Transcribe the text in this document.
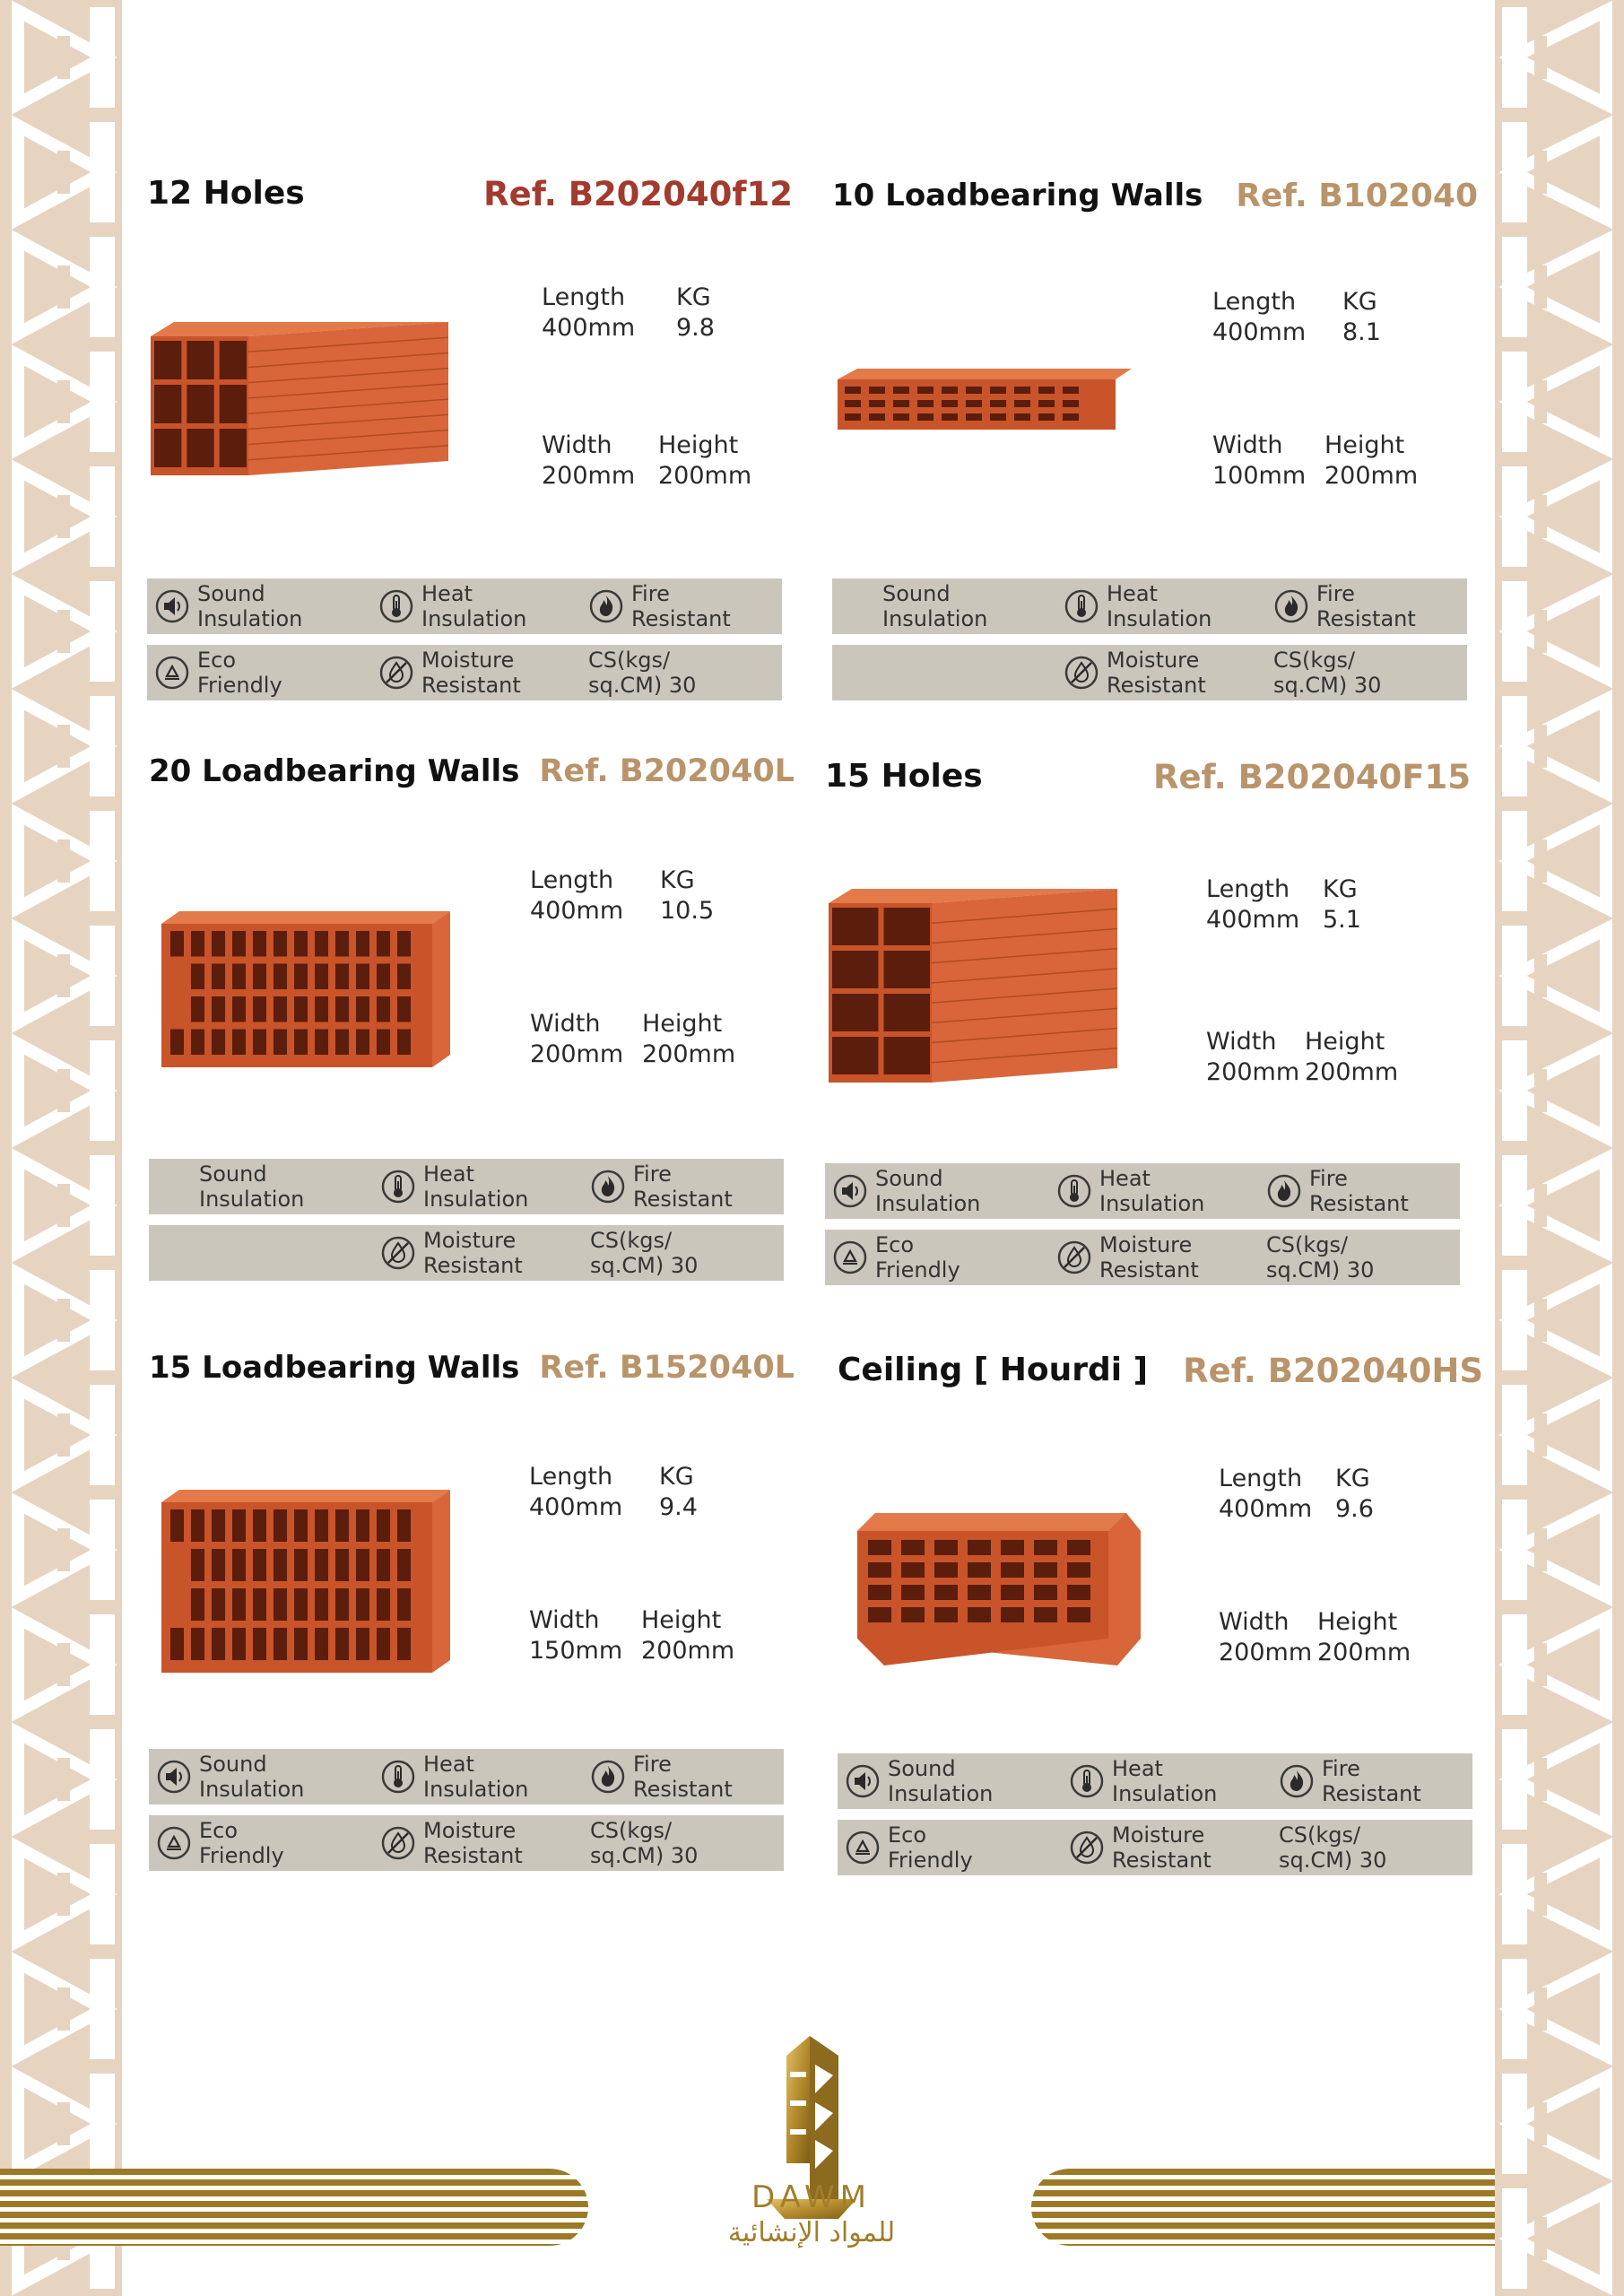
12 Holes	Ref. B202040f12
Length
400mm
KG
9.8
Width
200mm
Height
200mm
Sound
Insulation
Heat
Insulation
Fire
Resistant
Eco
Friendly
Moisture
Resistant
CS(kgs/
sq.CM) 30
10 Loadbearing Walls Ref. B102040
Length
400mm
KG
8.1
Width
100mm
Height
200mm
Sound
Insulation
Heat
Insulation
Fire
Resistant
Moisture
Resistant
CS(kgs/
sq.CM) 30
20 Loadbearing Walls Ref. B202040L
Length
400mm
KG
10.5
Width
200mm
Height
200mm
Sound
Insulation
Heat
Insulation
Fire
Resistant
Moisture
Resistant
CS(kgs/
sq.CM) 30
15 Holes	Ref. B202040F15
Length
400mm
KG
5.1
Width
200mm
Height
200mm
Sound
Insulation
Heat
Insulation
Fire
Resistant
Eco
Friendly
Moisture
Resistant
CS(kgs/
sq.CM) 30
15 Loadbearing Walls Ref. B152040L
Length
400mm
KG
9.4
Width
150mm
Height
200mm
Sound
Insulation
Heat
Insulation
Fire
Resistant
Eco
Friendly
Moisture
Resistant
CS(kgs/
sq.CM) 30
Ceiling [ Hourdi ] Ref. B202040HS
Length
400mm
KG
9.6
Width
200mm
Height
200mm
Sound
Insulation
Heat
Insulation
Fire
Resistant
Eco
Friendly
Moisture
Resistant
CS(kgs/
sq.CM) 30
DAWM
للمواد الإنشائية
